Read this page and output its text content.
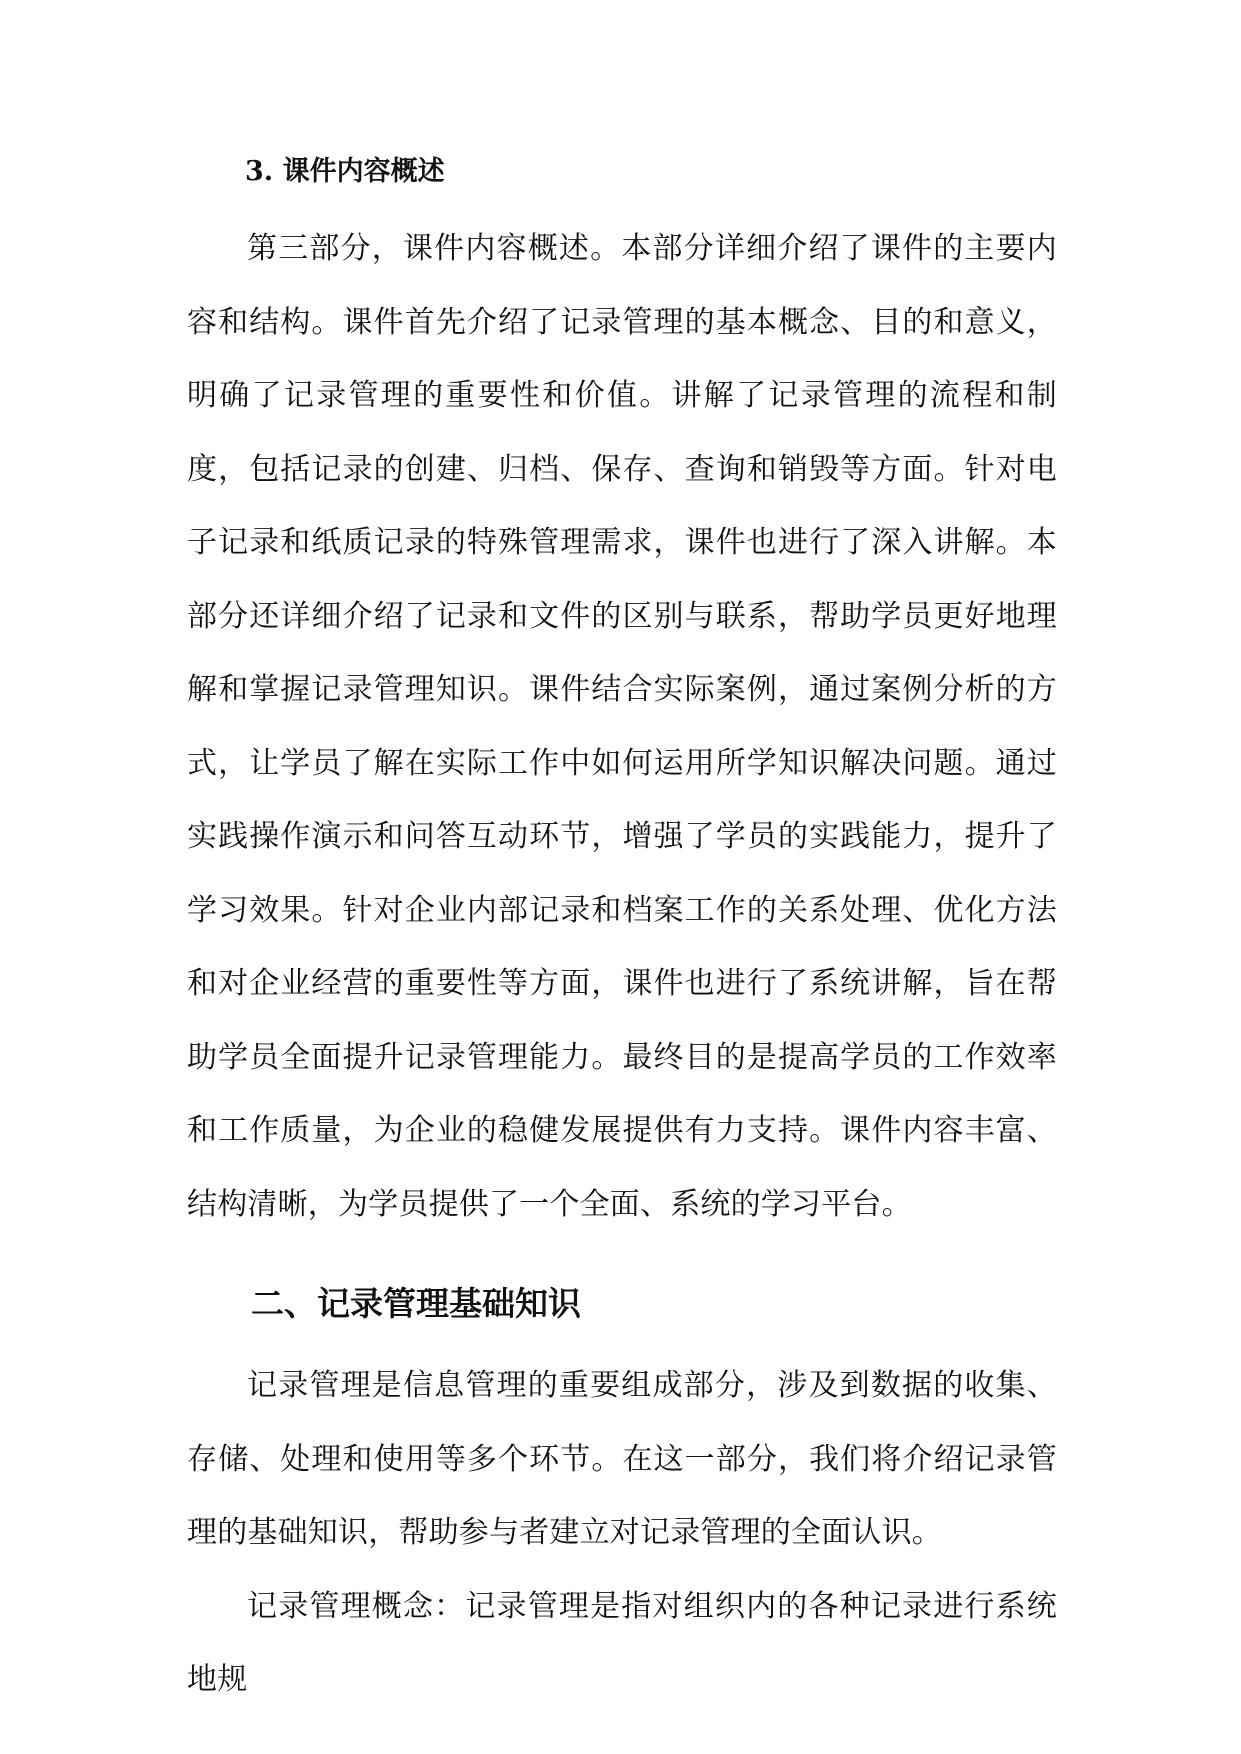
3. 课件内容概述

第三部分，课件内容概述。本部分详细介绍了课件的主要内容和结构。课件首先介绍了记录管理的基本概念、目的和意义，明确了记录管理的重要性和价值。讲解了记录管理的流程和制度，包括记录的创建、归档、保存、查询和销毁等方面。针对电子记录和纸质记录的特殊管理需求，课件也进行了深入讲解。本部分还详细介绍了记录和文件的区别与联系，帮助学员更好地理解和掌握记录管理知识。课件结合实际案例，通过案例分析的方式，让学员了解在实际工作中如何运用所学知识解决问题。通过实践操作演示和问答互动环节，增强了学员的实践能力，提升了学习效果。针对企业内部记录和档案工作的关系处理、优化方法和对企业经营的重要性等方面，课件也进行了系统讲解，旨在帮助学员全面提升记录管理能力。最终目的是提高学员的工作效率和工作质量，为企业的稳健发展提供有力支持。课件内容丰富、结构清晰，为学员提供了一个全面、系统的学习平台。

二、记录管理基础知识

记录管理是信息管理的重要组成部分，涉及到数据的收集、存储、处理和使用等多个环节。在这一部分，我们将介绍记录管理的基础知识，帮助参与者建立对记录管理的全面认识。

记录管理概念：记录管理是指对组织内的各种记录进行系统地规
